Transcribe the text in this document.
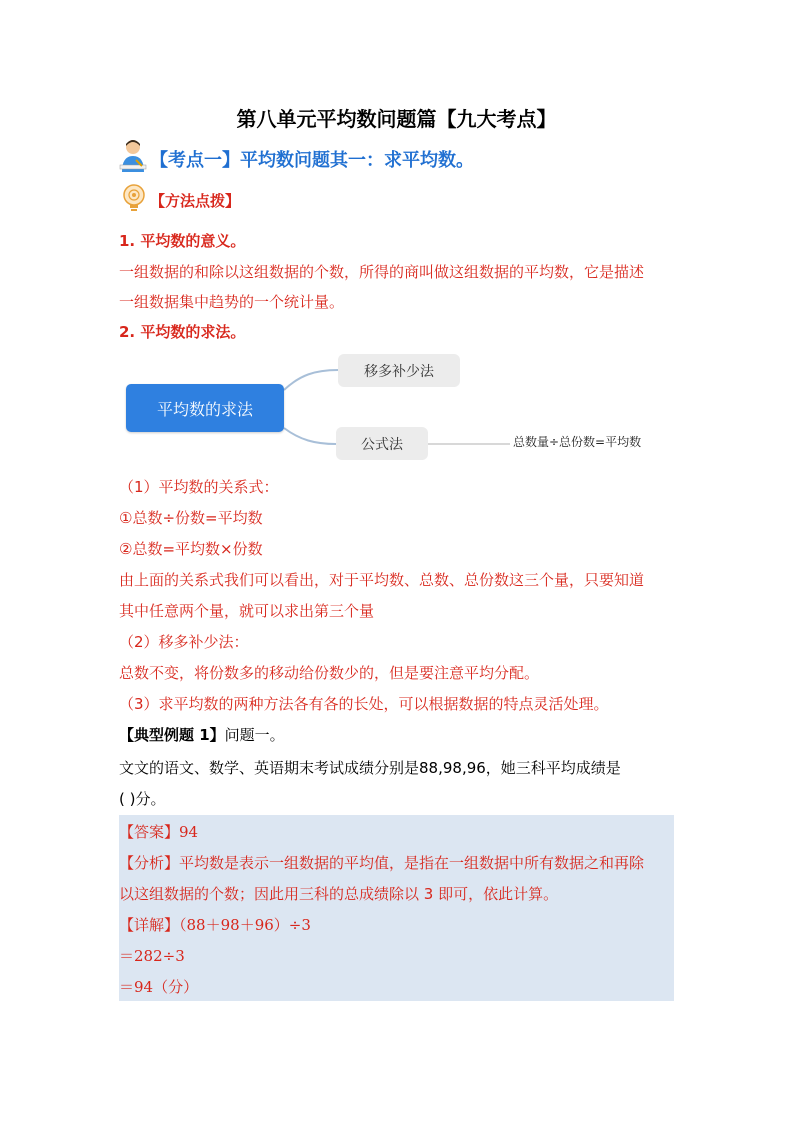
第八单元平均数问题篇【九大考点】
【考点一】平均数问题其一：求平均数。
【方法点拨】
1. 平均数的意义。
一组数据的和除以这组数据的个数，所得的商叫做这组数据的平均数，它是描述
一组数据集中趋势的一个统计量。
2. 平均数的求法。
平均数的求法
移多补少法
公式法	总数量÷总份数=平均数
（1）平均数的关系式：
①总数÷份数=平均数
②总数=平均数×份数
由上面的关系式我们可以看出，对于平均数、总数、总份数这三个量，只要知道
其中任意两个量，就可以求出第三个量
（2）移多补少法：
总数不变，将份数多的移动给份数少的，但是要注意平均分配。
（3）求平均数的两种方法各有各的长处，可以根据数据的特点灵活处理。
【典型例题 1】问题一。
文文的语文、数学、英语期末考试成绩分别是88,98,96，她三科平均成绩是
( )分。
【答案】94
【分析】平均数是表示一组数据的平均值，是指在一组数据中所有数据之和再除
以这组数据的个数；因此用三科的总成绩除以 3 即可，依此计算。
【详解】（88＋98＋96）÷3
＝282÷3
＝94（分）
